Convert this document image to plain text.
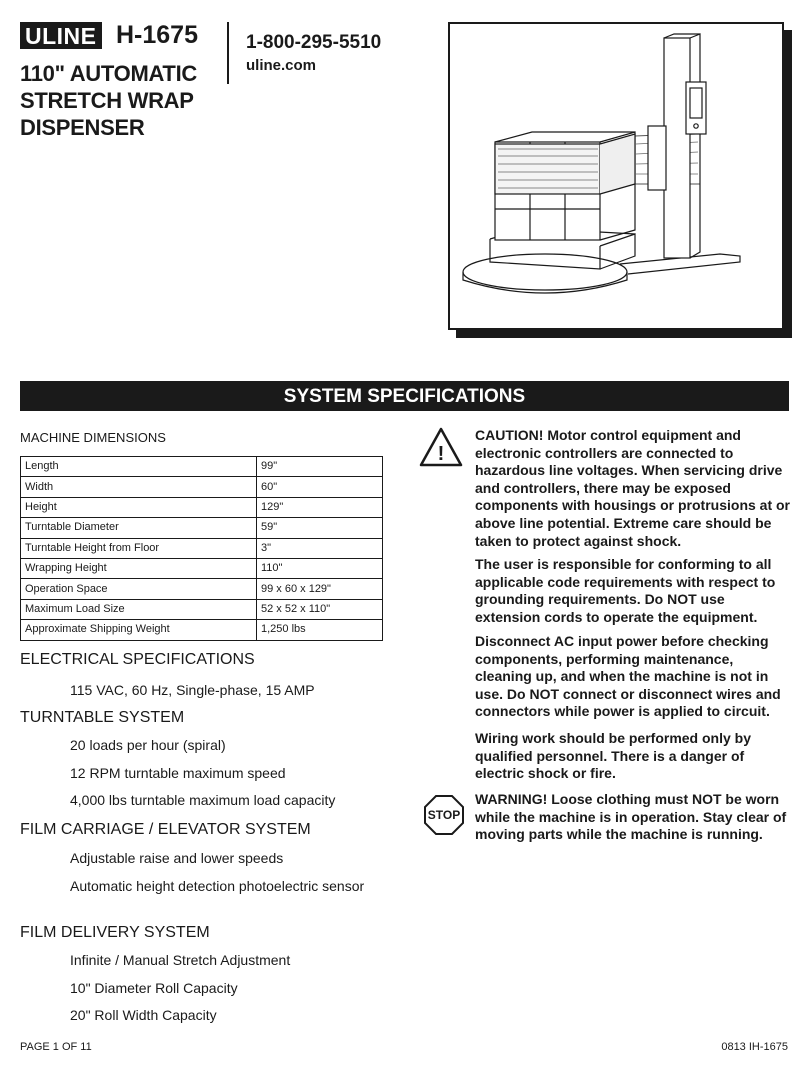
ULINE H-1675
110" AUTOMATIC
STRETCH WRAP
DISPENSER
1-800-295-5510
uline.com
SYSTEM SPECIFICATIONS
MACHINE DIMENSIONS
Length	99"
Width	60"
Height	129"
Turntable Diameter	59"
Turntable Height from Floor	3"
Wrapping Height	110"
Operation Space	99 x 60 x 129"
Maximum Load Size	52 x 52 x 110"
Approximate Shipping Weight	1,250 lbs
ELECTRICAL SPECIFICATIONS
115 VAC, 60 Hz, Single-phase, 15 AMP
TURNTABLE SYSTEM
20 loads per hour (spiral)
12 RPM turntable maximum speed
4,000 lbs turntable maximum load capacity
FILM CARRIAGE / ELEVATOR SYSTEM
Adjustable raise and lower speeds
Automatic height detection photoelectric sensor
FILM DELIVERY SYSTEM
Infinite / Manual Stretch Adjustment
10" Diameter Roll Capacity
20" Roll Width Capacity
!
STOP
CAUTION! Motor control equipment and electronic controllers are connected to hazardous line voltages. When servicing drive and controllers, there may be exposed components with housings or protrusions at or above line potential. Extreme care should be taken to protect against shock.
The user is responsible for conforming to all applicable code requirements with respect to grounding requirements. Do NOT use extension cords to operate the equipment.
Disconnect AC input power before checking components, performing maintenance, cleaning up, and when the machine is not in use. Do NOT connect or disconnect wires and connectors while power is applied to circuit.
Wiring work should be performed only by qualified personnel. There is a danger of electric shock or fire.
WARNING! Loose clothing must NOT be worn while the machine is in operation. Stay clear of moving parts while the machine is running.
PAGE 1 OF 11	0813 IH-1675
